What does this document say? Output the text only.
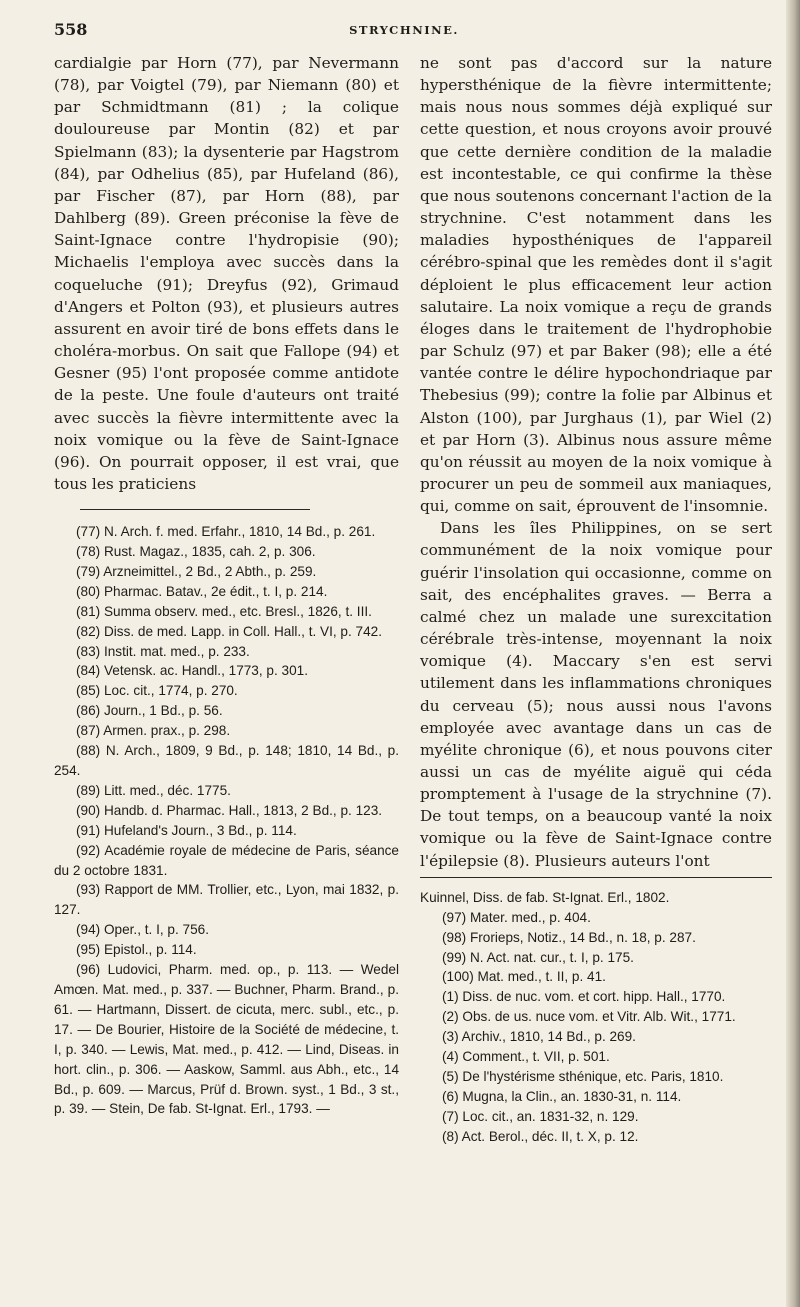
558	STRYCHNINE.

cardialgie par Horn (77), par Nevermann (78), par Voigtel (79), par Niemann (80) et par Schmidtmann (81) ; la colique douloureuse par Montin (82) et par Spielmann (83); la dysenterie par Hagstrom (84), par Odhelius (85), par Hufeland (86), par Fischer (87), par Horn (88), par Dahlberg (89). Green préconise la fève de Saint-Ignace contre l'hydropisie (90); Michaelis l'employa avec succès dans la coqueluche (91); Dreyfus (92), Grimaud d'Angers et Polton (93), et plusieurs autres assurent en avoir tiré de bons effets dans le choléra-morbus. On sait que Fallope (94) et Gesner (95) l'ont proposée comme antidote de la peste. Une foule d'auteurs ont traité avec succès la fièvre intermittente avec la noix vomique ou la fève de Saint-Ignace (96). On pourrait opposer, il est vrai, que tous les praticiens

(77) N. Arch. f. med. Erfahr., 1810, 14 Bd., p. 261.

(78) Rust. Magaz., 1835, cah. 2, p. 306.

(79) Arzneimittel., 2 Bd., 2 Abth., p. 259.

(80) Pharmac. Batav., 2e édit., t. I, p. 214.

(81) Summa observ. med., etc. Bresl., 1826, t. III.

(82) Diss. de med. Lapp. in Coll. Hall., t. VI, p. 742.

(83) Instit. mat. med., p. 233.

(84) Vetensk. ac. Handl., 1773, p. 301.

(85) Loc. cit., 1774, p. 270.

(86) Journ., 1 Bd., p. 56.

(87) Armen. prax., p. 298.

(88) N. Arch., 1809, 9 Bd., p. 148; 1810, 14 Bd., p. 254.

(89) Litt. med., déc. 1775.

(90) Handb. d. Pharmac. Hall., 1813, 2 Bd., p. 123.

(91) Hufeland's Journ., 3 Bd., p. 114.

(92) Académie royale de médecine de Paris, séance du 2 octobre 1831.

(93) Rapport de MM. Trollier, etc., Lyon, mai 1832, p. 127.

(94) Oper., t. I, p. 756.

(95) Epistol., p. 114.

(96) Ludovici, Pharm. med. op., p. 113. — Wedel Amœn. Mat. med., p. 337. — Buchner, Pharm. Brand., p. 61. — Hartmann, Dissert. de cicuta, merc. subl., etc., p. 17. — De Bourier, Histoire de la Société de médecine, t. I, p. 340. — Lewis, Mat. med., p. 412. — Lind, Diseas. in hort. clin., p. 306. — Aaskow, Samml. aus Abh., etc., 14 Bd., p. 609. — Marcus, Prüf d. Brown. syst., 1 Bd., 3 st., p. 39. — Stein, De fab. St-Ignat. Erl., 1793. —

ne sont pas d'accord sur la nature hypersthénique de la fièvre intermittente; mais nous nous sommes déjà expliqué sur cette question, et nous croyons avoir prouvé que cette dernière condition de la maladie est incontestable, ce qui confirme la thèse que nous soutenons concernant l'action de la strychnine. C'est notamment dans les maladies hyposthéniques de l'appareil cérébro-spinal que les remèdes dont il s'agit déploient le plus efficacement leur action salutaire. La noix vomique a reçu de grands éloges dans le traitement de l'hydrophobie par Schulz (97) et par Baker (98); elle a été vantée contre le délire hypochondriaque par Thebesius (99); contre la folie par Albinus et Alston (100), par Jurghaus (1), par Wiel (2) et par Horn (3). Albinus nous assure même qu'on réussit au moyen de la noix vomique à procurer un peu de sommeil aux maniaques, qui, comme on sait, éprouvent de l'insomnie.

Dans les îles Philippines, on se sert communément de la noix vomique pour guérir l'insolation qui occasionne, comme on sait, des encéphalites graves. — Berra a calmé chez un malade une surexcitation cérébrale très-intense, moyennant la noix vomique (4). Maccary s'en est servi utilement dans les inflammations chroniques du cerveau (5); nous aussi nous l'avons employée avec avantage dans un cas de myélite chronique (6), et nous pouvons citer aussi un cas de myélite aiguë qui céda promptement à l'usage de la strychnine (7). De tout temps, on a beaucoup vanté la noix vomique ou la fève de Saint-Ignace contre l'épilepsie (8). Plusieurs auteurs l'ont

Kuinnel, Diss. de fab. St-Ignat. Erl., 1802.

(97) Mater. med., p. 404.

(98) Frorieps, Notiz., 14 Bd., n. 18, p. 287.

(99) N. Act. nat. cur., t. I, p. 175.

(100) Mat. med., t. II, p. 41.

(1) Diss. de nuc. vom. et cort. hipp. Hall., 1770.

(2) Obs. de us. nuce vom. et Vitr. Alb. Wit., 1771.

(3) Archiv., 1810, 14 Bd., p. 269.

(4) Comment., t. VII, p. 501.

(5) De l'hystérisme sthénique, etc. Paris, 1810.

(6) Mugna, la Clin., an. 1830-31, n. 114.

(7) Loc. cit., an. 1831-32, n. 129.

(8) Act. Berol., déc. II, t. X, p. 12.
